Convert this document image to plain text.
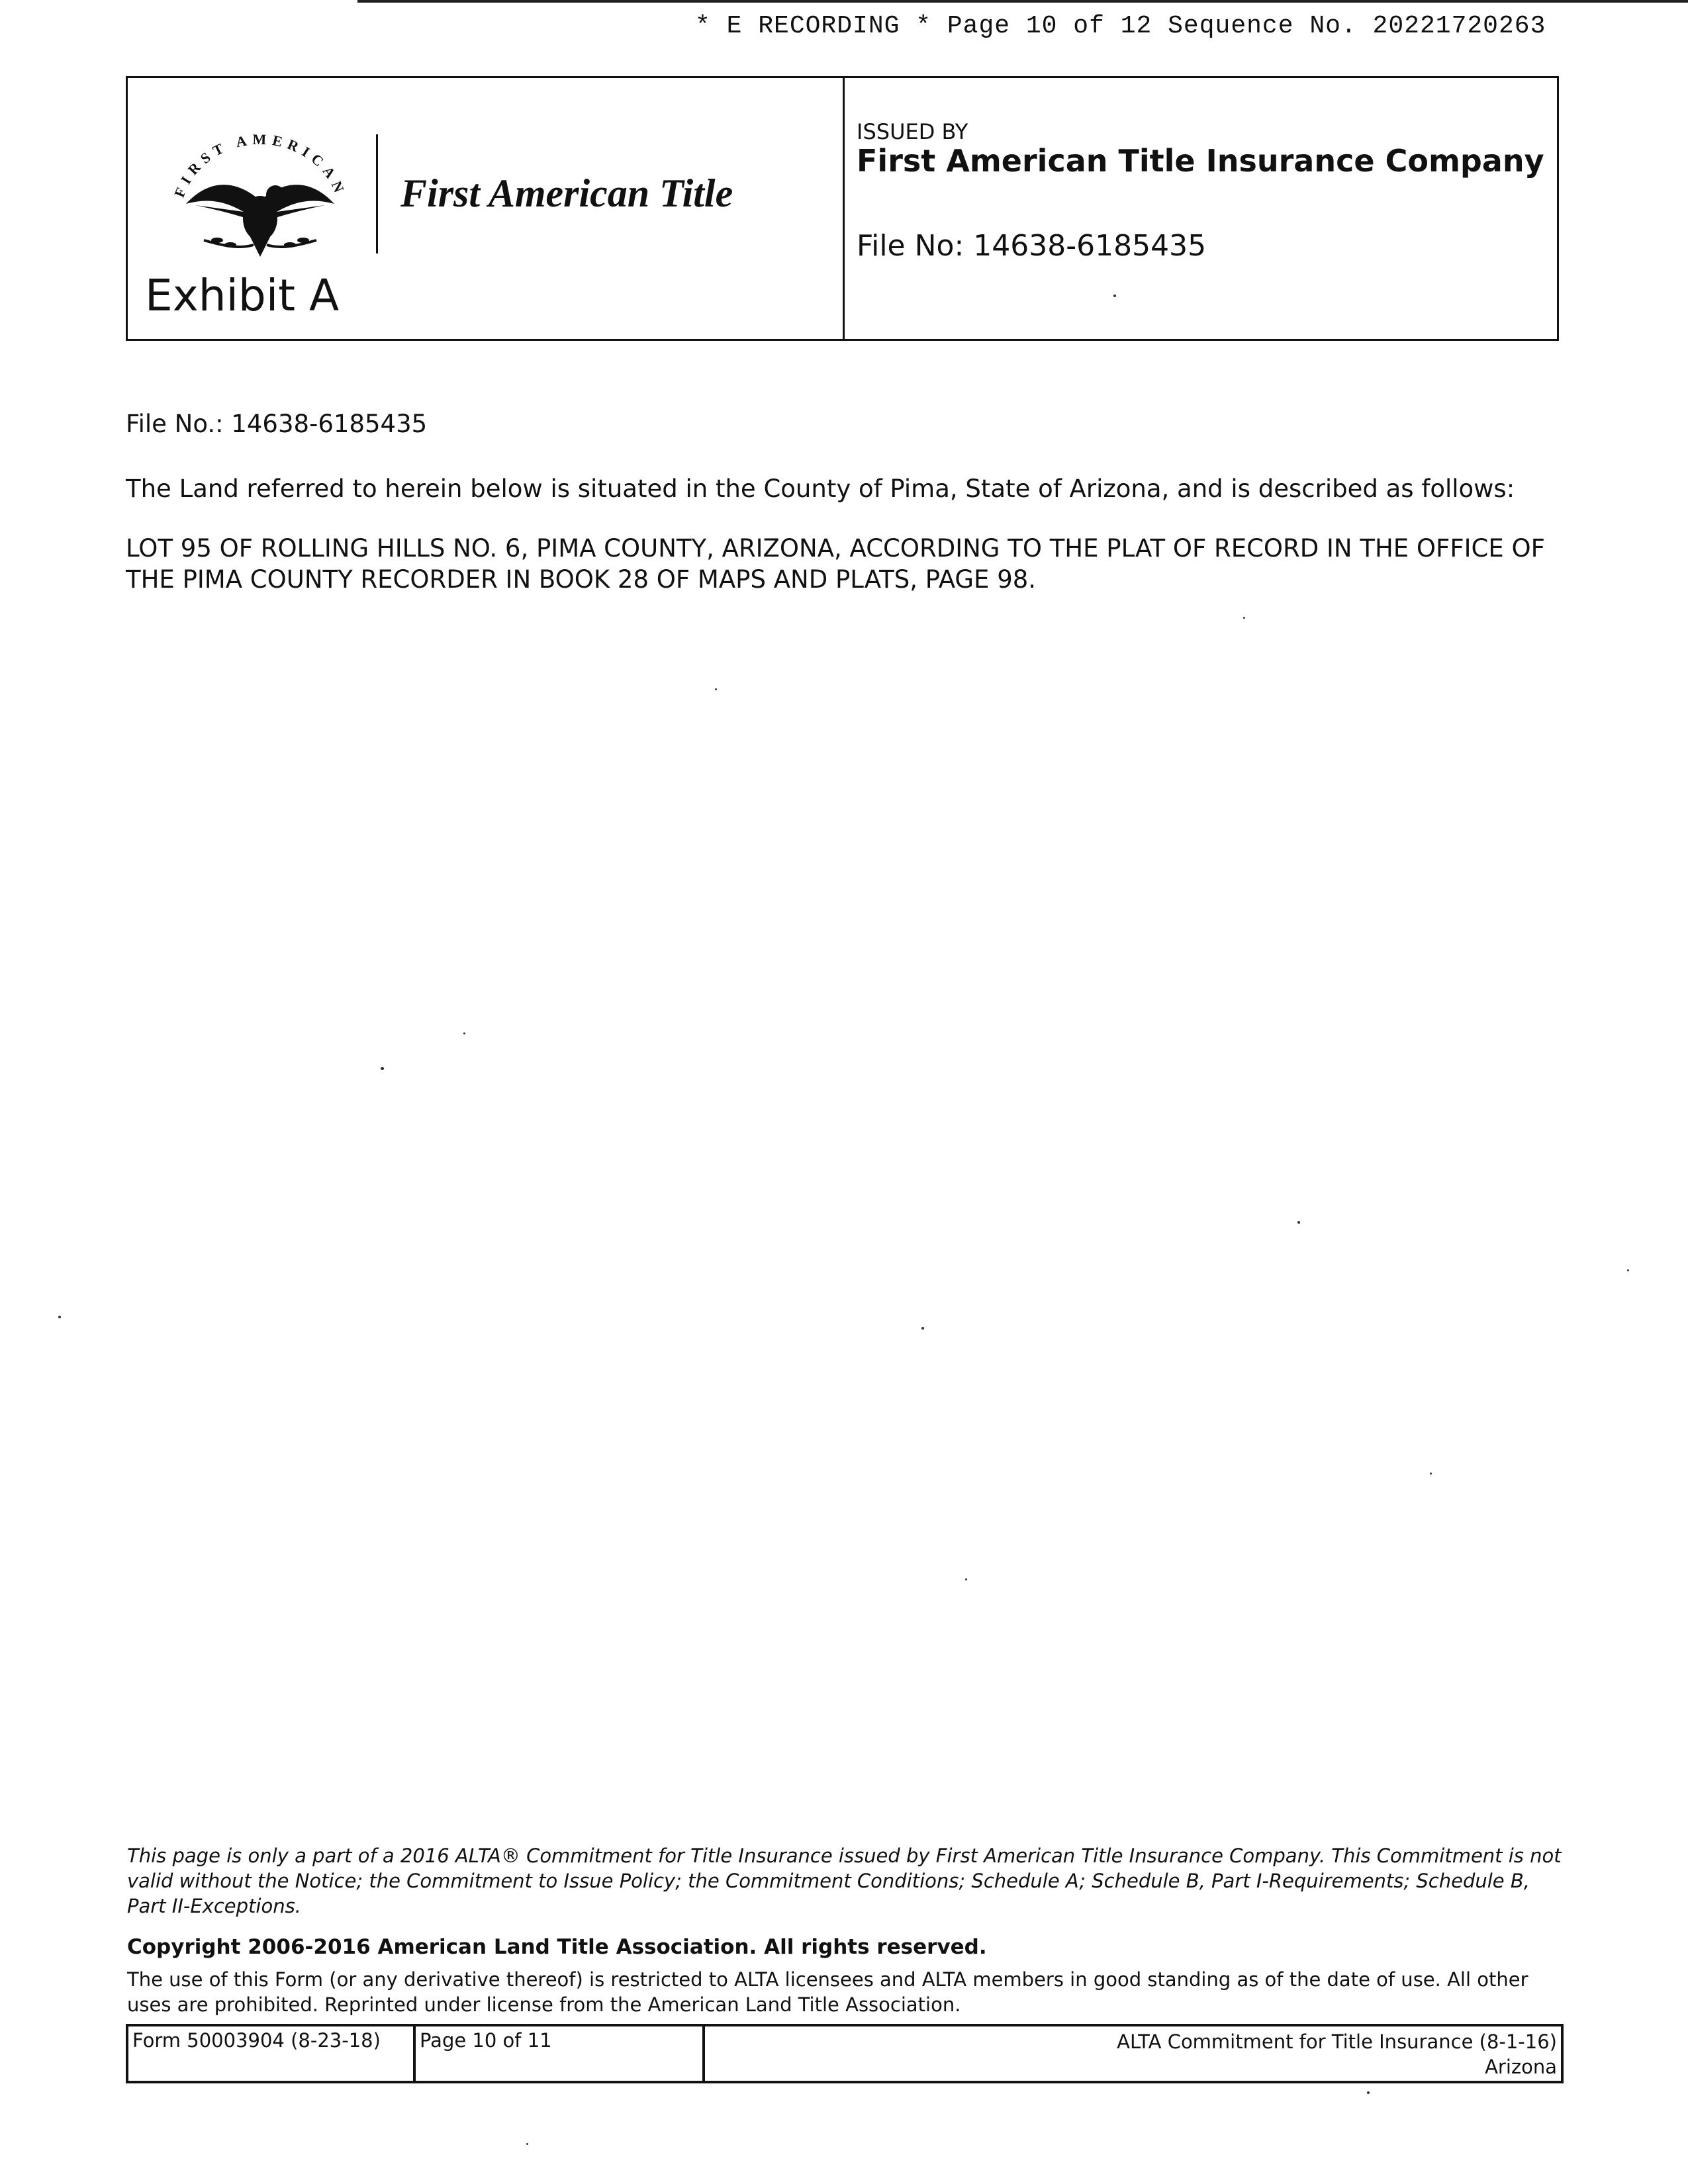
* E RECORDING * Page 10 of 12 Sequence No. 20221720263
FIRST AMERICAN First American Title
Exhibit A
ISSUED BY
First American Title Insurance Company
File No: 14638-6185435
File No.: 14638-6185435
The Land referred to herein below is situated in the County of Pima, State of Arizona, and is described as follows:
LOT 95 OF ROLLING HILLS NO. 6, PIMA COUNTY, ARIZONA, ACCORDING TO THE PLAT OF RECORD IN THE OFFICE OF
THE PIMA COUNTY RECORDER IN BOOK 28 OF MAPS AND PLATS, PAGE 98.
This page is only a part of a 2016 ALTA® Commitment for Title Insurance issued by First American Title Insurance Company. This Commitment is not valid without the Notice; the Commitment to Issue Policy; the Commitment Conditions; Schedule A; Schedule B, Part I-Requirements; Schedule B, Part II-Exceptions.
Copyright 2006-2016 American Land Title Association. All rights reserved.
The use of this Form (or any derivative thereof) is restricted to ALTA licensees and ALTA members in good standing as of the date of use. All other uses are prohibited. Reprinted under license from the American Land Title Association.
Form 50003904 (8-23-18)	Page 10 of 11	ALTA Commitment for Title Insurance (8-1-16)
Arizona
